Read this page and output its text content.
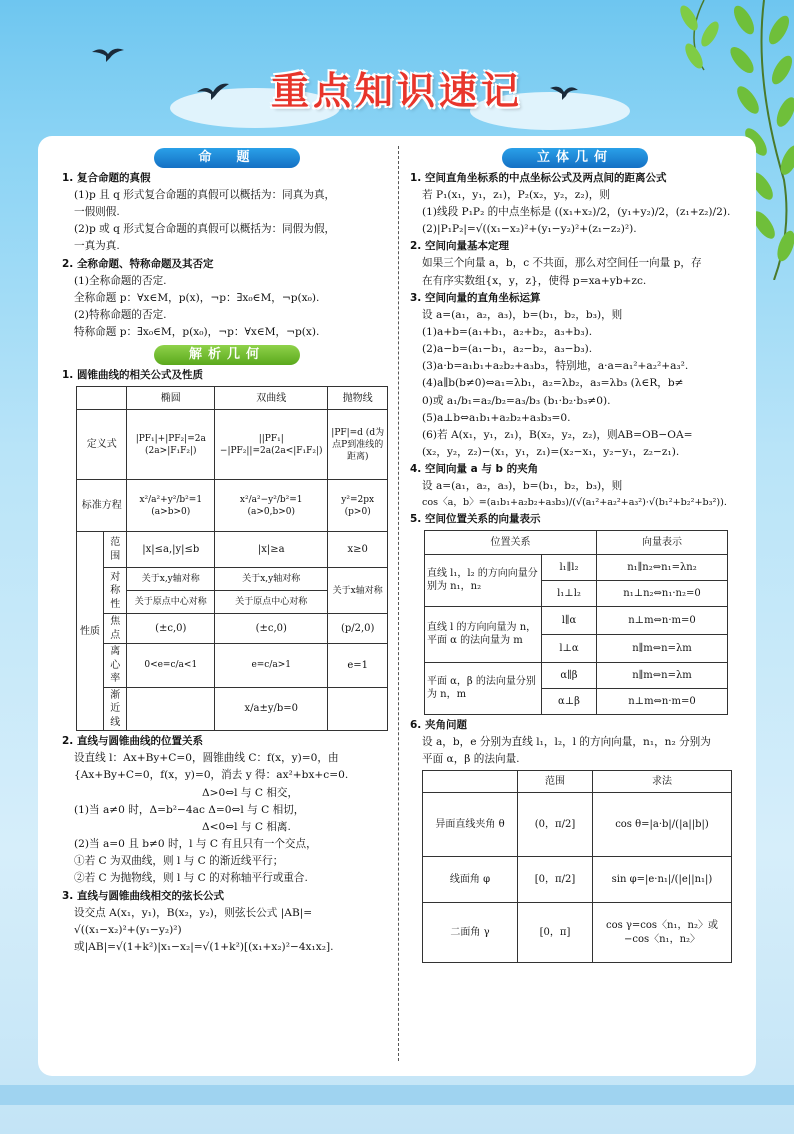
重点知识速记
命　题
1. 复合命题的真假
(1)p 且 q 形式复合命题的真假可以概括为：同真为真，
一假则假.
(2)p 或 q 形式复合命题的真假可以概括为：同假为假，
一真为真.
2. 全称命题、特称命题及其否定
(1)全称命题的否定.
全称命题 p：∀x∈M，p(x)，¬p：∃x₀∈M，¬p(x₀).
(2)特称命题的否定.
特称命题 p：∃x₀∈M，p(x₀)，¬p：∀x∈M，¬p(x).
解析几何
1. 圆锥曲线的相关公式及性质
		椭圆	双曲线	抛物线
定义式		|PF₁|+|PF₂|=2a (2a>|F₁F₂|)	||PF₁|−|PF₂||=2a(2a<|F₁F₂|)	|PF|=d (d为点P到准线的距离)
标准方程		x²/a²+y²/b²=1 (a>b>0)	x²/a²−y²/b²=1 (a>0,b>0)	y²=2px (p>0)
性质	范围	|x|≤a,|y|≤b	|x|≥a	x≥0
	对称性	关于x,y轴对称	关于x,y轴对称	关于x轴对称
		关于原点中心对称	关于原点中心对称	
	焦点	(±c,0)	(±c,0)	(p/2,0)
	离心率	0<e=c/a<1	e=c/a>1	e=1
	渐近线		x/a±y/b=0	
2. 直线与圆锥曲线的位置关系
设直线 l：Ax+By+C=0，圆锥曲线 C：f(x，y)=0，由
{Ax+By+C=0，f(x，y)=0，消去 y 得：ax²+bx+c=0.
Δ>0⇔l 与 C 相交，
(1)当 a≠0 时，Δ=b²−4ac Δ=0⇔l 与 C 相切，
Δ<0⇔l 与 C 相离.
(2)当 a=0 且 b≠0 时，l 与 C 有且只有一个交点，
①若 C 为双曲线，则 l 与 C 的渐近线平行；
②若 C 为抛物线，则 l 与 C 的对称轴平行或重合.
3. 直线与圆锥曲线相交的弦长公式
设交点 A(x₁，y₁)，B(x₂，y₂)，则弦长公式 |AB|=
√((x₁−x₂)²+(y₁−y₂)²)
或|AB|=√(1+k²)|x₁−x₂|=√(1+k²)[(x₁+x₂)²−4x₁x₂].
立体几何
1. 空间直角坐标系的中点坐标公式及两点间的距离公式
若 P₁(x₁，y₁，z₁)，P₂(x₂，y₂，z₂)，则
(1)线段 P₁P₂ 的中点坐标是 ((x₁+x₂)/2，(y₁+y₂)/2，(z₁+z₂)/2).
(2)|P₁P₂|=√((x₁−x₂)²+(y₁−y₂)²+(z₁−z₂)²).
2. 空间向量基本定理
如果三个向量 a，b，c 不共面，那么对空间任一向量 p，存
在有序实数组{x，y，z}，使得 p=xa+yb+zc.
3. 空间向量的直角坐标运算
设 a=(a₁，a₂，a₃)，b=(b₁，b₂，b₃)，则
(1)a+b=(a₁+b₁，a₂+b₂，a₃+b₃).
(2)a−b=(a₁−b₁，a₂−b₂，a₃−b₃).
(3)a·b=a₁b₁+a₂b₂+a₃b₃，特别地，a·a=a₁²+a₂²+a₃².
(4)a∥b(b≠0)⇔a₁=λb₁，a₂=λb₂，a₃=λb₃ (λ∈R，b≠
0)或 a₁/b₁=a₂/b₂=a₃/b₃ (b₁·b₂·b₃≠0).
(5)a⊥b⇔a₁b₁+a₂b₂+a₃b₃=0.
(6)若 A(x₁，y₁，z₁)，B(x₂，y₂，z₂)，则AB=OB−OA=
(x₂，y₂，z₂)−(x₁，y₁，z₁)=(x₂−x₁，y₂−y₁，z₂−z₁).
4. 空间向量 a 与 b 的夹角
设 a=(a₁，a₂，a₃)，b=(b₁，b₂，b₃)，则
cos〈a，b〉=(a₁b₁+a₂b₂+a₃b₃)/(√(a₁²+a₂²+a₃²)·√(b₁²+b₂²+b₃²)).
5. 空间位置关系的向量表示
位置关系		向量表示
直线 l₁，l₂ 的方向向量分别为 n₁，n₂	l₁∥l₂	n₁∥n₂⇔n₁=λn₂
	l₁⊥l₂	n₁⊥n₂⇔n₁·n₂=0
直线 l 的方向向量为 n，平面 α 的法向量为 m	l∥α	n⊥m⇔n·m=0
	l⊥α	n∥m⇔n=λm
平面 α，β 的法向量分别为 n，m	α∥β	n∥m⇔n=λm
	α⊥β	n⊥m⇔n·m=0
6. 夹角问题
设 a，b，e 分别为直线 l₁，l₂，l 的方向向量，n₁，n₂ 分别为
平面 α，β 的法向量.
	范围	求法
异面直线夹角 θ	(0，π/2]	cos θ=|a·b|/(|a||b|)
线面角 φ	[0，π/2]	sin φ=|e·n₁|/(|e||n₁|)
二面角 γ	[0，π]	cos γ=cos〈n₁，n₂〉或 −cos〈n₁，n₂〉
